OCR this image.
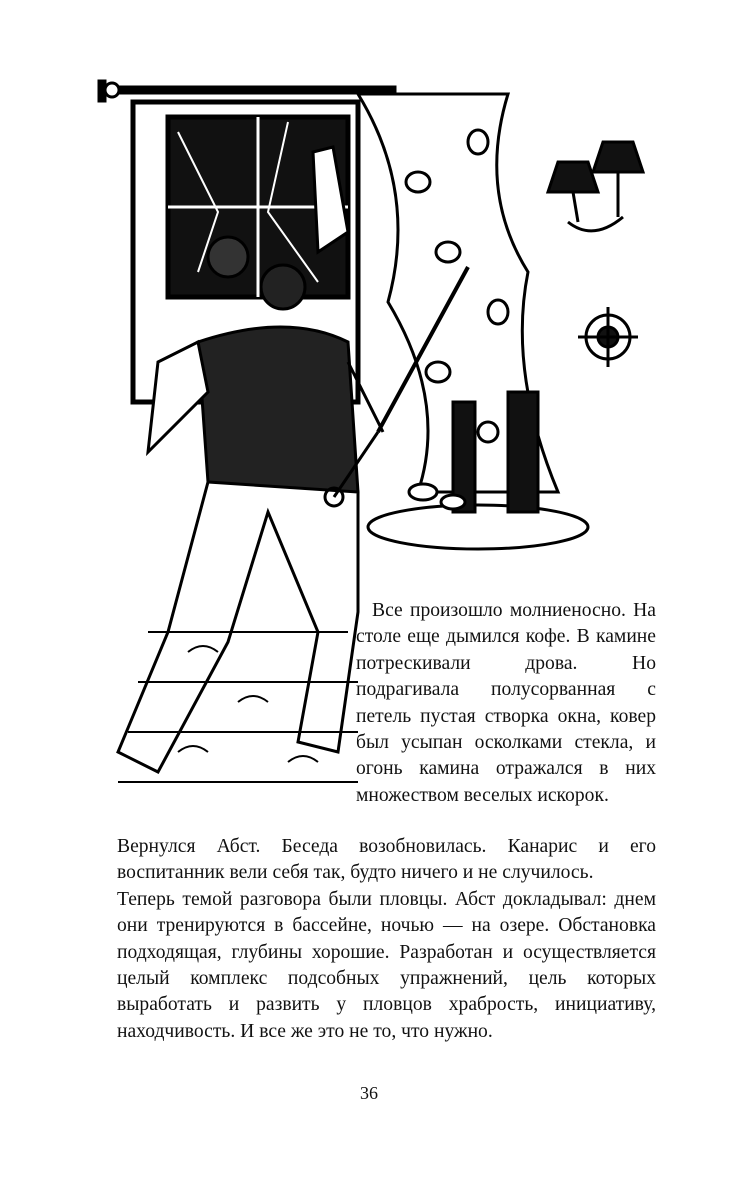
Все произошло молниеносно. На столе еще дымился кофе. В камине потрескивали дрова. Но подрагивала полусорванная с петель пустая створка окна, ковер был усыпан осколками стекла, и огонь камина отражался в них множеством веселых искорок.

Вернулся Абст. Беседа возобновилась. Канарис и его воспитанник вели себя так, будто ничего и не случилось.

Теперь темой разговора были пловцы. Абст докладывал: днем они тренируются в бассейне, ночью — на озере. Обстановка подходящая, глубины хорошие. Разработан и осуществляется целый комплекс подсобных упражнений, цель которых выработать и развить у пловцов храбрость, инициативу, находчивость. И все же это не то, что нужно.

36
